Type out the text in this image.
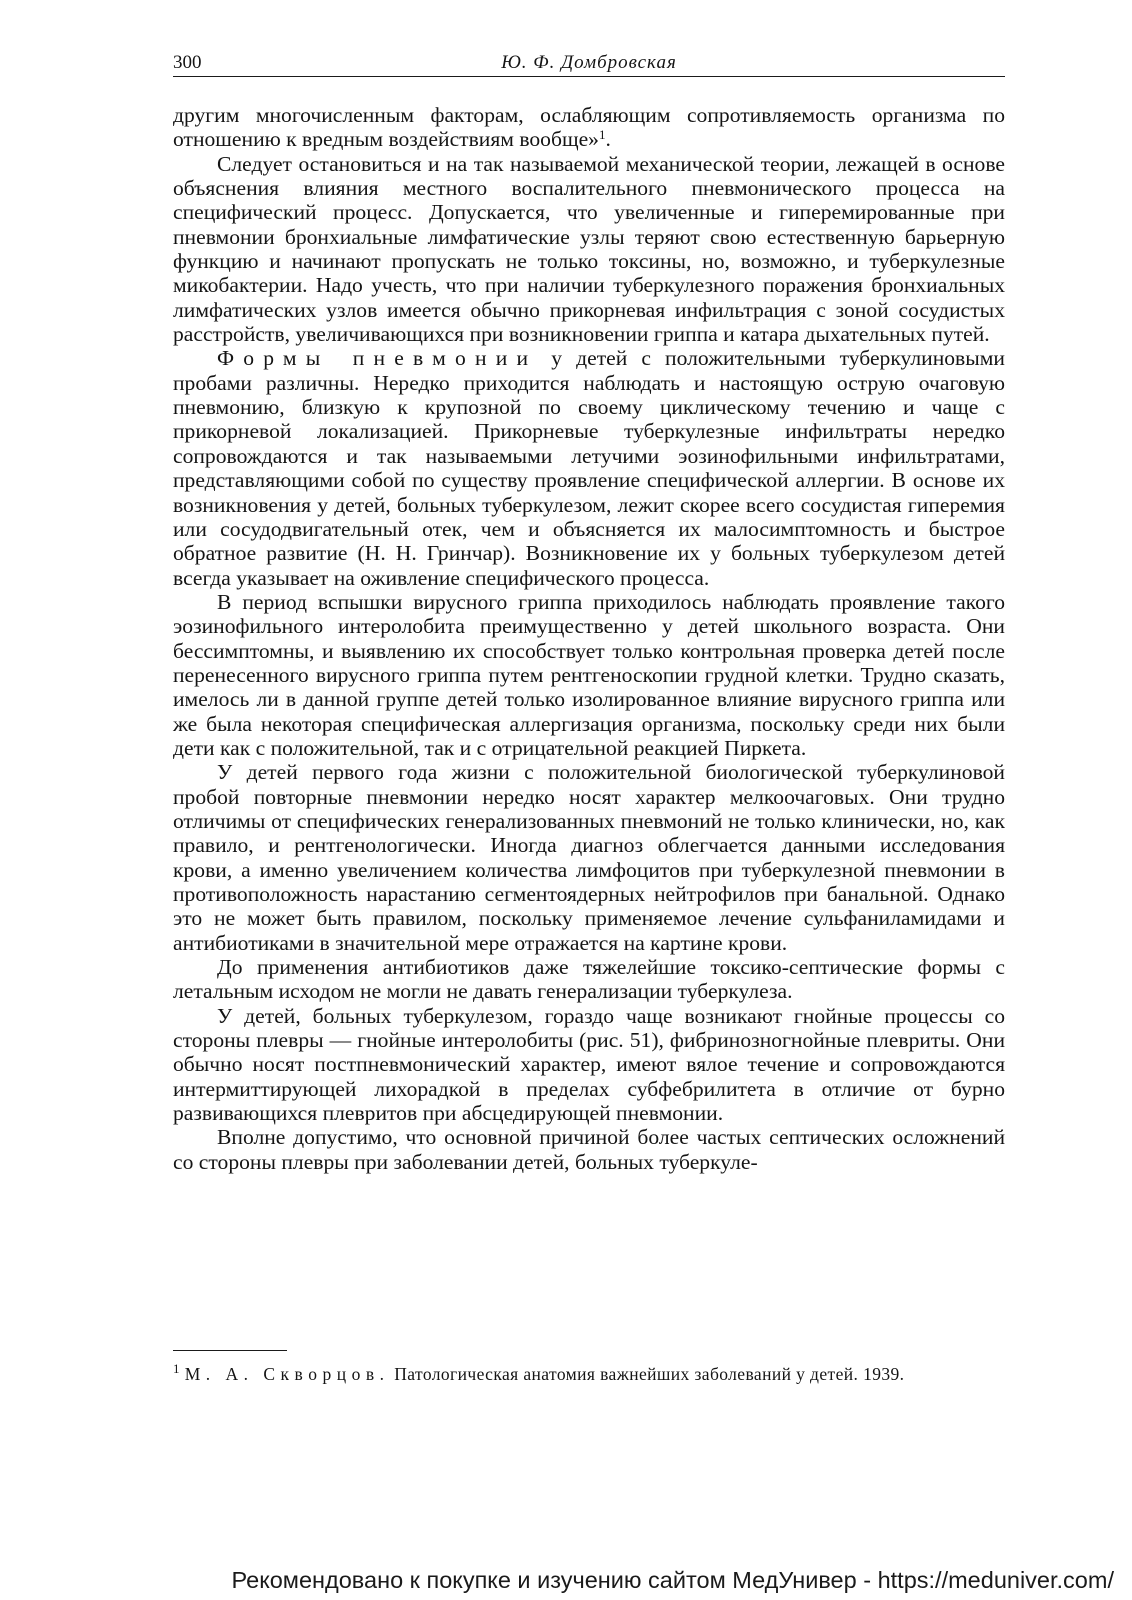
300	Ю. Ф. Домбровская

другим многочисленным факторам, ослабляющим сопротивляемость организма по отношению к вредным воздействиям вообще»$^1$.

Следует остановиться и на так называемой механической теории, лежащей в основе объяснения влияния местного воспалительного пневмонического процесса на специфический процесс. Допускается, что увеличенные и гиперемированные при пневмонии бронхиальные лимфатические узлы теряют свою естественную барьерную функцию и начинают пропускать не только токсины, но, возможно, и туберкулезные микобактерии. Надо учесть, что при наличии туберкулезного поражения бронхиальных лимфатических узлов имеется обычно прикорневая инфильтрация с зоной сосудистых расстройств, увеличивающихся при возникновении гриппа и катара дыхательных путей.

Формы пневмонии у детей с положительными туберкулиновыми пробами различны. Нередко приходится наблюдать и настоящую острую очаговую пневмонию, близкую к крупозной по своему циклическому течению и чаще с прикорневой локализацией. Прикорневые туберкулезные инфильтраты нередко сопровождаются и так называемыми летучими эозинофильными инфильтратами, представляющими собой по существу проявление специфической аллергии. В основе их возникновения у детей, больных туберкулезом, лежит скорее всего сосудистая гиперемия или сосудодвигательный отек, чем и объясняется их малосимптомность и быстрое обратное развитие (Н. Н. Гринчар). Возникновение их у больных туберкулезом детей всегда указывает на оживление специфического процесса.

В период вспышки вирусного гриппа приходилось наблюдать проявление такого эозинофильного интеролобита преимущественно у детей школьного возраста. Они бессимптомны, и выявлению их способствует только контрольная проверка детей после перенесенного вирусного гриппа путем рентгеноскопии грудной клетки. Трудно сказать, имелось ли в данной группе детей только изолированное влияние вирусного гриппа или же была некоторая специфическая аллергизация организма, поскольку среди них были дети как с положительной, так и с отрицательной реакцией Пиркета.

У детей первого года жизни с положительной биологической туберкулиновой пробой повторные пневмонии нередко носят характер мелкоочаговых. Они трудно отличимы от специфических генерализованных пневмоний не только клинически, но, как правило, и рентгенологически. Иногда диагноз облегчается данными исследования крови, а именно увеличением количества лимфоцитов при туберкулезной пневмонии в противоположность нарастанию сегментоядерных нейтрофилов при банальной. Однако это не может быть правилом, поскольку применяемое лечение сульфаниламидами и антибиотиками в значительной мере отражается на картине крови.

До применения антибиотиков даже тяжелейшие токсико-септические формы с летальным исходом не могли не давать генерализации туберкулеза.

У детей, больных туберкулезом, гораздо чаще возникают гнойные процессы со стороны плевры — гнойные интеролобиты (рис. 51), фибринозногнойные плевриты. Они обычно носят постпневмонический характер, имеют вялое течение и сопровождаются интермиттирующей лихорадкой в пределах субфебрилитета в отличие от бурно развивающихся плевритов при абсцедирующей пневмонии.

Вполне допустимо, что основной причиной более частых септических осложнений со стороны плевры при заболевании детей, больных туберкуле-

$^1$ М. А. Скворцов. Патологическая анатомия важнейших заболеваний у детей. 1939.
Рекомендовано к покупке и изучению сайтом МедУнивер - https://meduniver.com/
